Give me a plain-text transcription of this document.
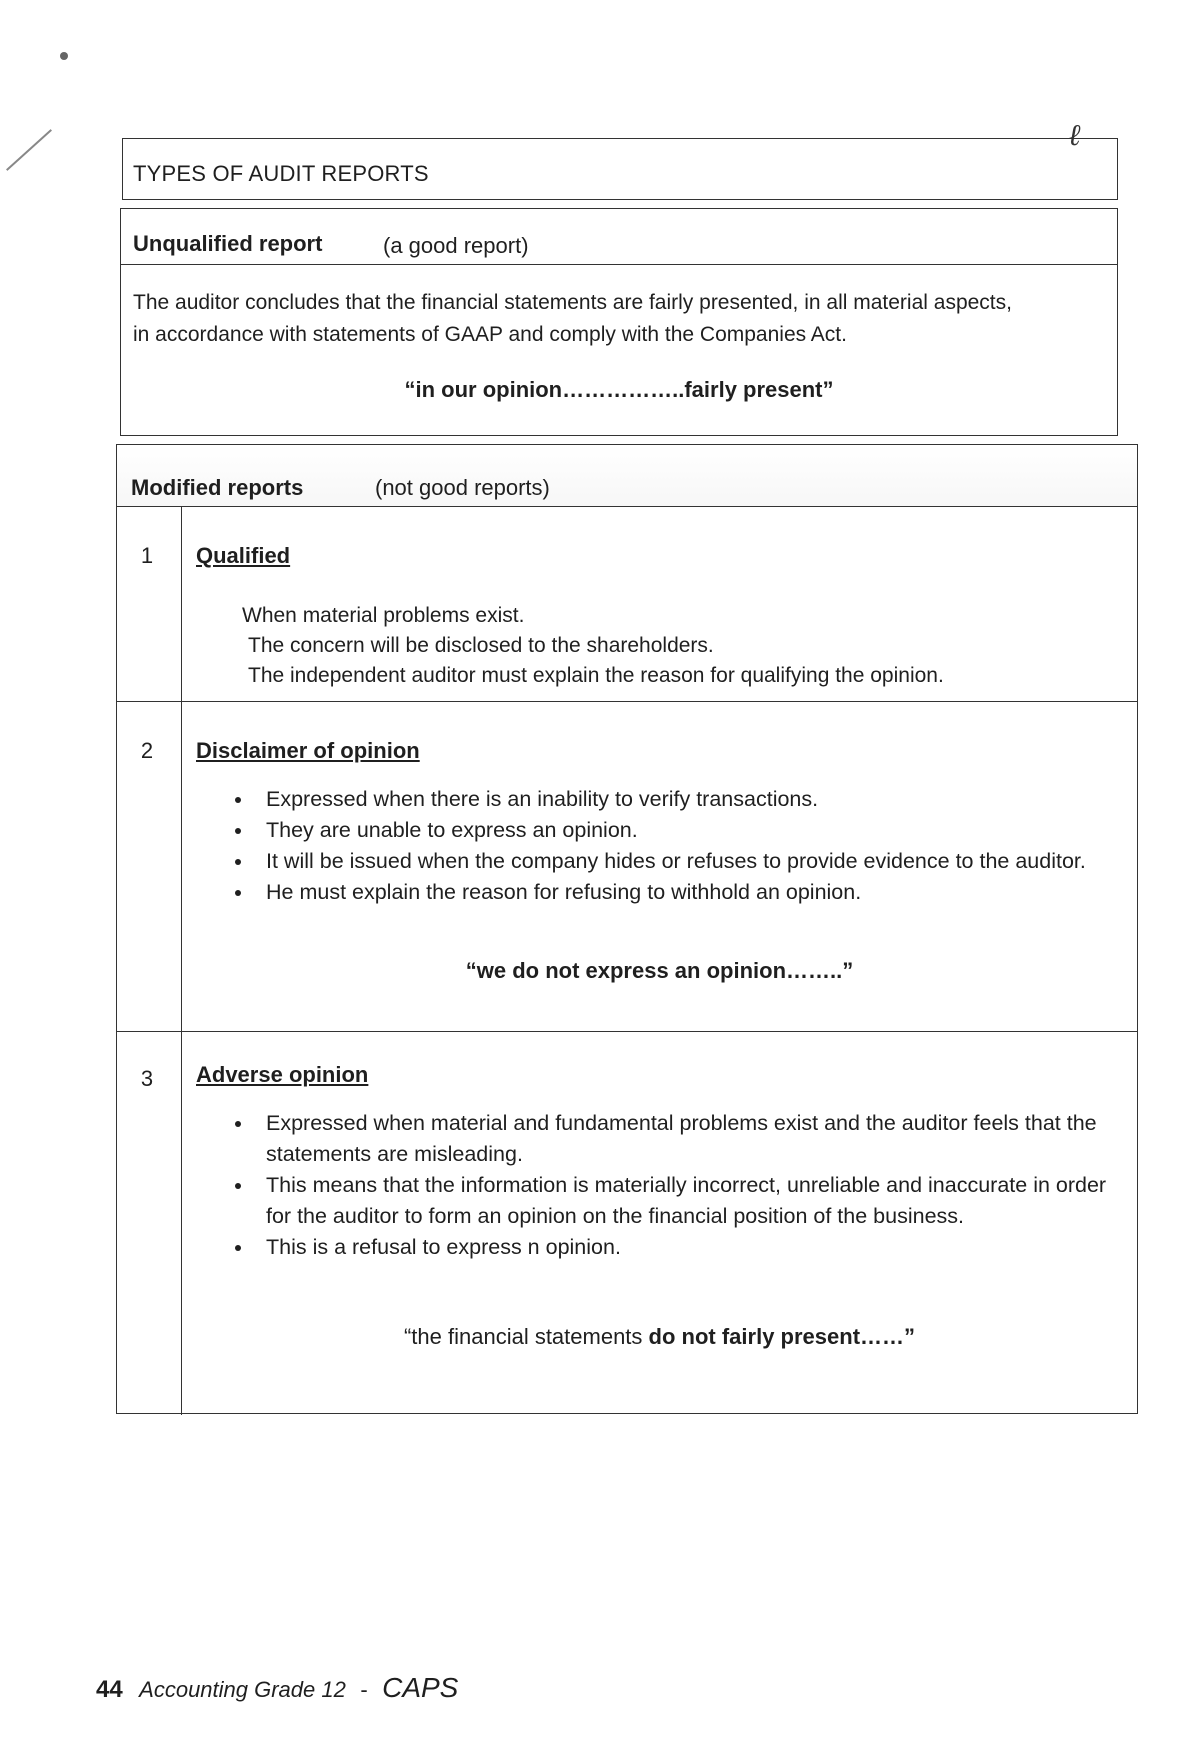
ℓ
TYPES OF AUDIT REPORTS
Unqualified report	(a good report)
The auditor concludes that the financial statements are fairly presented, in all material aspects,
in accordance with statements of GAAP and comply with the Companies Act.
“in our opinion……………..fairly present”
Modified reports	(not good reports)
1	Qualified
When material problems exist.
The concern will be disclosed to the shareholders.
The independent auditor must explain the reason for qualifying the opinion.
2	Disclaimer of opinion
• Expressed when there is an inability to verify transactions.
• They are unable to express an opinion.
• It will be issued when the company hides or refuses to provide evidence to the auditor.
• He must explain the reason for refusing to withhold an opinion.
“we do not express an opinion……..”
3	Adverse opinion
• Expressed when material and fundamental problems exist and the auditor feels that the statements are misleading.
• This means that the information is materially incorrect, unreliable and inaccurate in order for the auditor to form an opinion on the financial position of the business.
• This is a refusal to express n opinion.
“the financial statements do not fairly present……”
44 Accounting Grade 12 - CAPS
